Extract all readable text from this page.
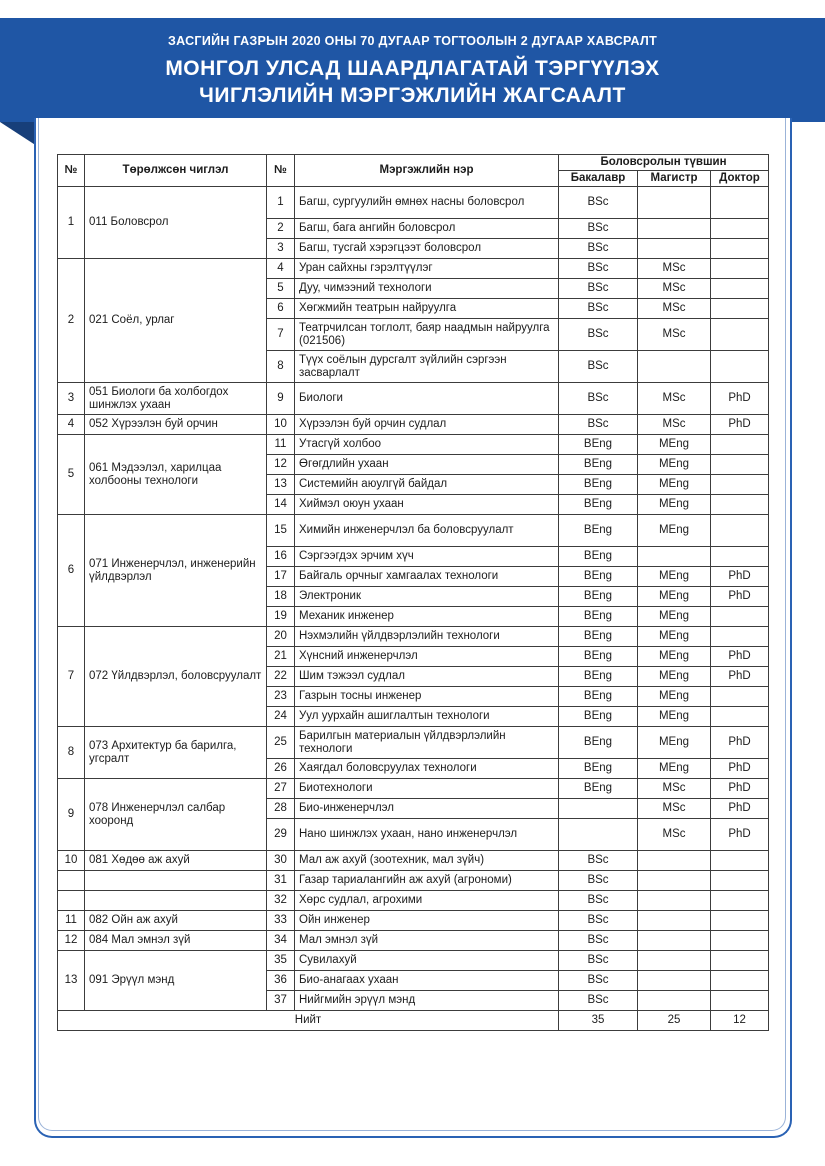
ЗАСГИЙН ГАЗРЫН 2020 ОНЫ 70 ДУГААР ТОГТООЛЫН 2 ДУГААР ХАВСРАЛТ
МОНГОЛ УЛСАД ШААРДЛАГАТАЙ ТЭРГҮҮЛЭХ
ЧИГЛЭЛИЙН МЭРГЭЖЛИЙН ЖАГСААЛТ
№	Төрөлжсөн чиглэл	№	Мэргэжлийн нэр	Боловсролын түвшин		
				Бакалавр	Магистр	Доктор
1	011 Боловсрол	1	Багш, сургуулийн өмнөх насны боловсрол	BSc		
		2	Багш, бага ангийн боловсрол	BSc		
		3	Багш, тусгай хэрэгцээт боловсрол	BSc		
2	021 Соёл, урлаг	4	Уран сайхны гэрэлтүүлэг	BSc	MSc	
		5	Дуу, чимээний технологи	BSc	MSc	
		6	Хөгжмийн театрын найруулга	BSc	MSc	
		7	Театрчилсан тоглолт, баяр наадмын найруулга (021506)	BSc	MSc	
		8	Түүх соёлын дурсгалт зүйлийн сэргээн засварлалт	BSc		
3	051 Биологи ба холбогдох шинжлэх ухаан	9	Биологи	BSc	MSc	PhD
4	052 Хүрээлэн буй орчин	10	Хүрээлэн буй орчин судлал	BSc	MSc	PhD
5	061 Мэдээлэл, харилцаа холбооны технологи	11	Утасгүй холбоо	BEng	MEng	
		12	Өгөгдлийн ухаан	BEng	MEng	
		13	Системийн аюулгүй байдал	BEng	MEng	
		14	Хиймэл оюун ухаан	BEng	MEng	
6	071 Инженерчлэл, инженерийн үйлдвэрлэл	15	Химийн инженерчлэл ба боловсруулалт	BEng	MEng	
		16	Сэргээгдэх эрчим хүч	BEng		
		17	Байгаль орчныг хамгаалах технологи	BEng	MEng	PhD
		18	Электроник	BEng	MEng	PhD
		19	Механик инженер	BEng	MEng	
7	072 Үйлдвэрлэл, боловсруулалт	20	Нэхмэлийн үйлдвэрлэлийн технологи	BEng	MEng	
		21	Хүнсний инженерчлэл	BEng	MEng	PhD
		22	Шим тэжээл судлал	BEng	MEng	PhD
		23	Газрын тосны инженер	BEng	MEng	
		24	Уул уурхайн ашиглалтын технологи	BEng	MEng	
8	073 Архитектур ба барилга, угсралт	25	Барилгын материалын үйлдвэрлэлийн технологи	BEng	MEng	PhD
		26	Хаягдал боловсруулах технологи	BEng	MEng	PhD
9	078 Инженерчлэл салбар хооронд	27	Биотехнологи	BEng	MSc	PhD
		28	Био-инженерчлэл		MSc	PhD
		29	Нано шинжлэх ухаан, нано инженерчлэл		MSc	PhD
10	081 Хөдөө аж ахуй	30	Мал аж ахуй (зоотехник, мал зүйч)	BSc		
		31	Газар тариалангийн аж ахуй (агрономи)	BSc		
		32	Хөрс судлал, агрохими	BSc		
11	082 Ойн аж ахуй	33	Ойн инженер	BSc		
12	084 Мал эмнэл зүй	34	Мал эмнэл зүй	BSc		
13	091 Эрүүл мэнд	35	Сувилахуй	BSc		
		36	Био-анагаах ухаан	BSc		
		37	Нийгмийн эрүүл мэнд	BSc		
Нийт				35	25	12
